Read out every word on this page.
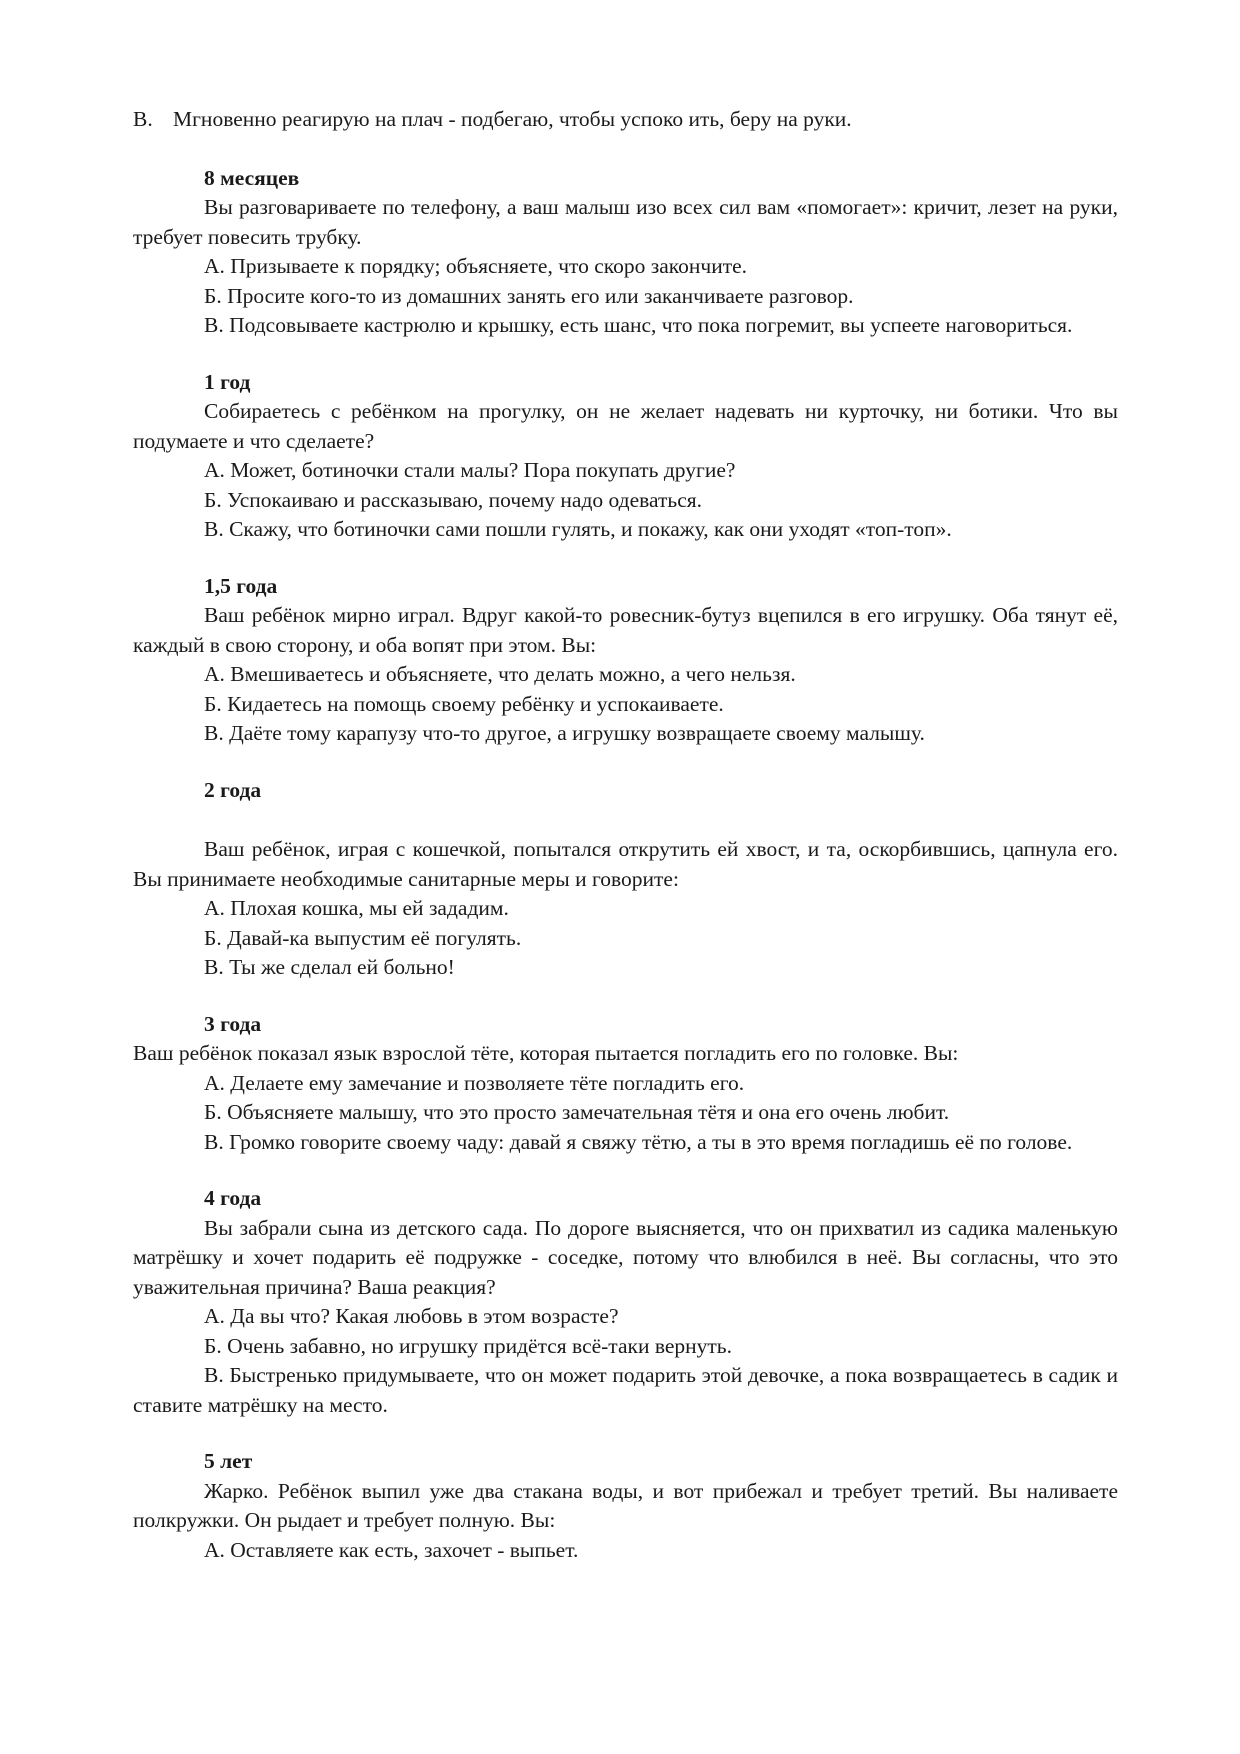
В. Мгновенно реагирую на плач - подбегаю, чтобы успоко ить, беру на руки.

8 месяцев

Вы разговариваете по телефону, а ваш малыш изо всех сил вам «помогает»: кричит, лезет на руки, требует повесить трубку.

А. Призываете к порядку; объясняете, что скоро закончите.

Б. Просите кого-то из домашних занять его или заканчиваете разговор.

В. Подсовываете кастрюлю и крышку, есть шанс, что пока погремит, вы успеете наговориться.

1 год

Собираетесь с ребёнком на прогулку, он не желает надевать ни курточку, ни ботики. Что вы подумаете и что сделаете?

А. Может, ботиночки стали малы? Пора покупать другие?

Б. Успокаиваю и рассказываю, почему надо одеваться.

В. Скажу, что ботиночки сами пошли гулять, и покажу, как они уходят «топ-топ».

1,5 года

Ваш ребёнок мирно играл. Вдруг какой-то ровесник-бутуз вцепился в его игрушку. Оба тянут её, каждый в свою сторону, и оба вопят при этом. Вы:

А. Вмешиваетесь и объясняете, что делать можно, а чего нельзя.

Б. Кидаетесь на помощь своему ребёнку и успокаиваете.

В. Даёте тому карапузу что-то другое, а игрушку возвращаете своему малышу.

2 года

Ваш ребёнок, играя с кошечкой, попытался открутить ей хвост, и та, оскорбившись, цапнула его. Вы принимаете необходимые санитарные меры и говорите:

А. Плохая кошка, мы ей зададим.

Б. Давай-ка выпустим её погулять.

В. Ты же сделал ей больно!

3 года

Ваш ребёнок показал язык взрослой тёте, которая пытается погладить его по головке. Вы:

А. Делаете ему замечание и позволяете тёте погладить его.

Б. Объясняете малышу, что это просто замечательная тётя и она его очень любит.

В. Громко говорите своему чаду: давай я свяжу тётю, а ты в это время погладишь её по голове.

4 года

Вы забрали сына из детского сада. По дороге выясняется, что он прихватил из садика маленькую матрёшку и хочет подарить её подружке - соседке, потому что влюбился в неё. Вы согласны, что это уважительная причина? Ваша реакция?

А. Да вы что? Какая любовь в этом возрасте?

Б. Очень забавно, но игрушку придётся всё-таки вернуть.

В. Быстренько придумываете, что он может подарить этой девочке, а пока возвращаетесь в садик и ставите матрёшку на место.

5 лет

Жарко. Ребёнок выпил уже два стакана воды, и вот прибежал и требует третий. Вы наливаете полкружки. Он рыдает и требует полную. Вы:

А. Оставляете как есть, захочет - выпьет.
